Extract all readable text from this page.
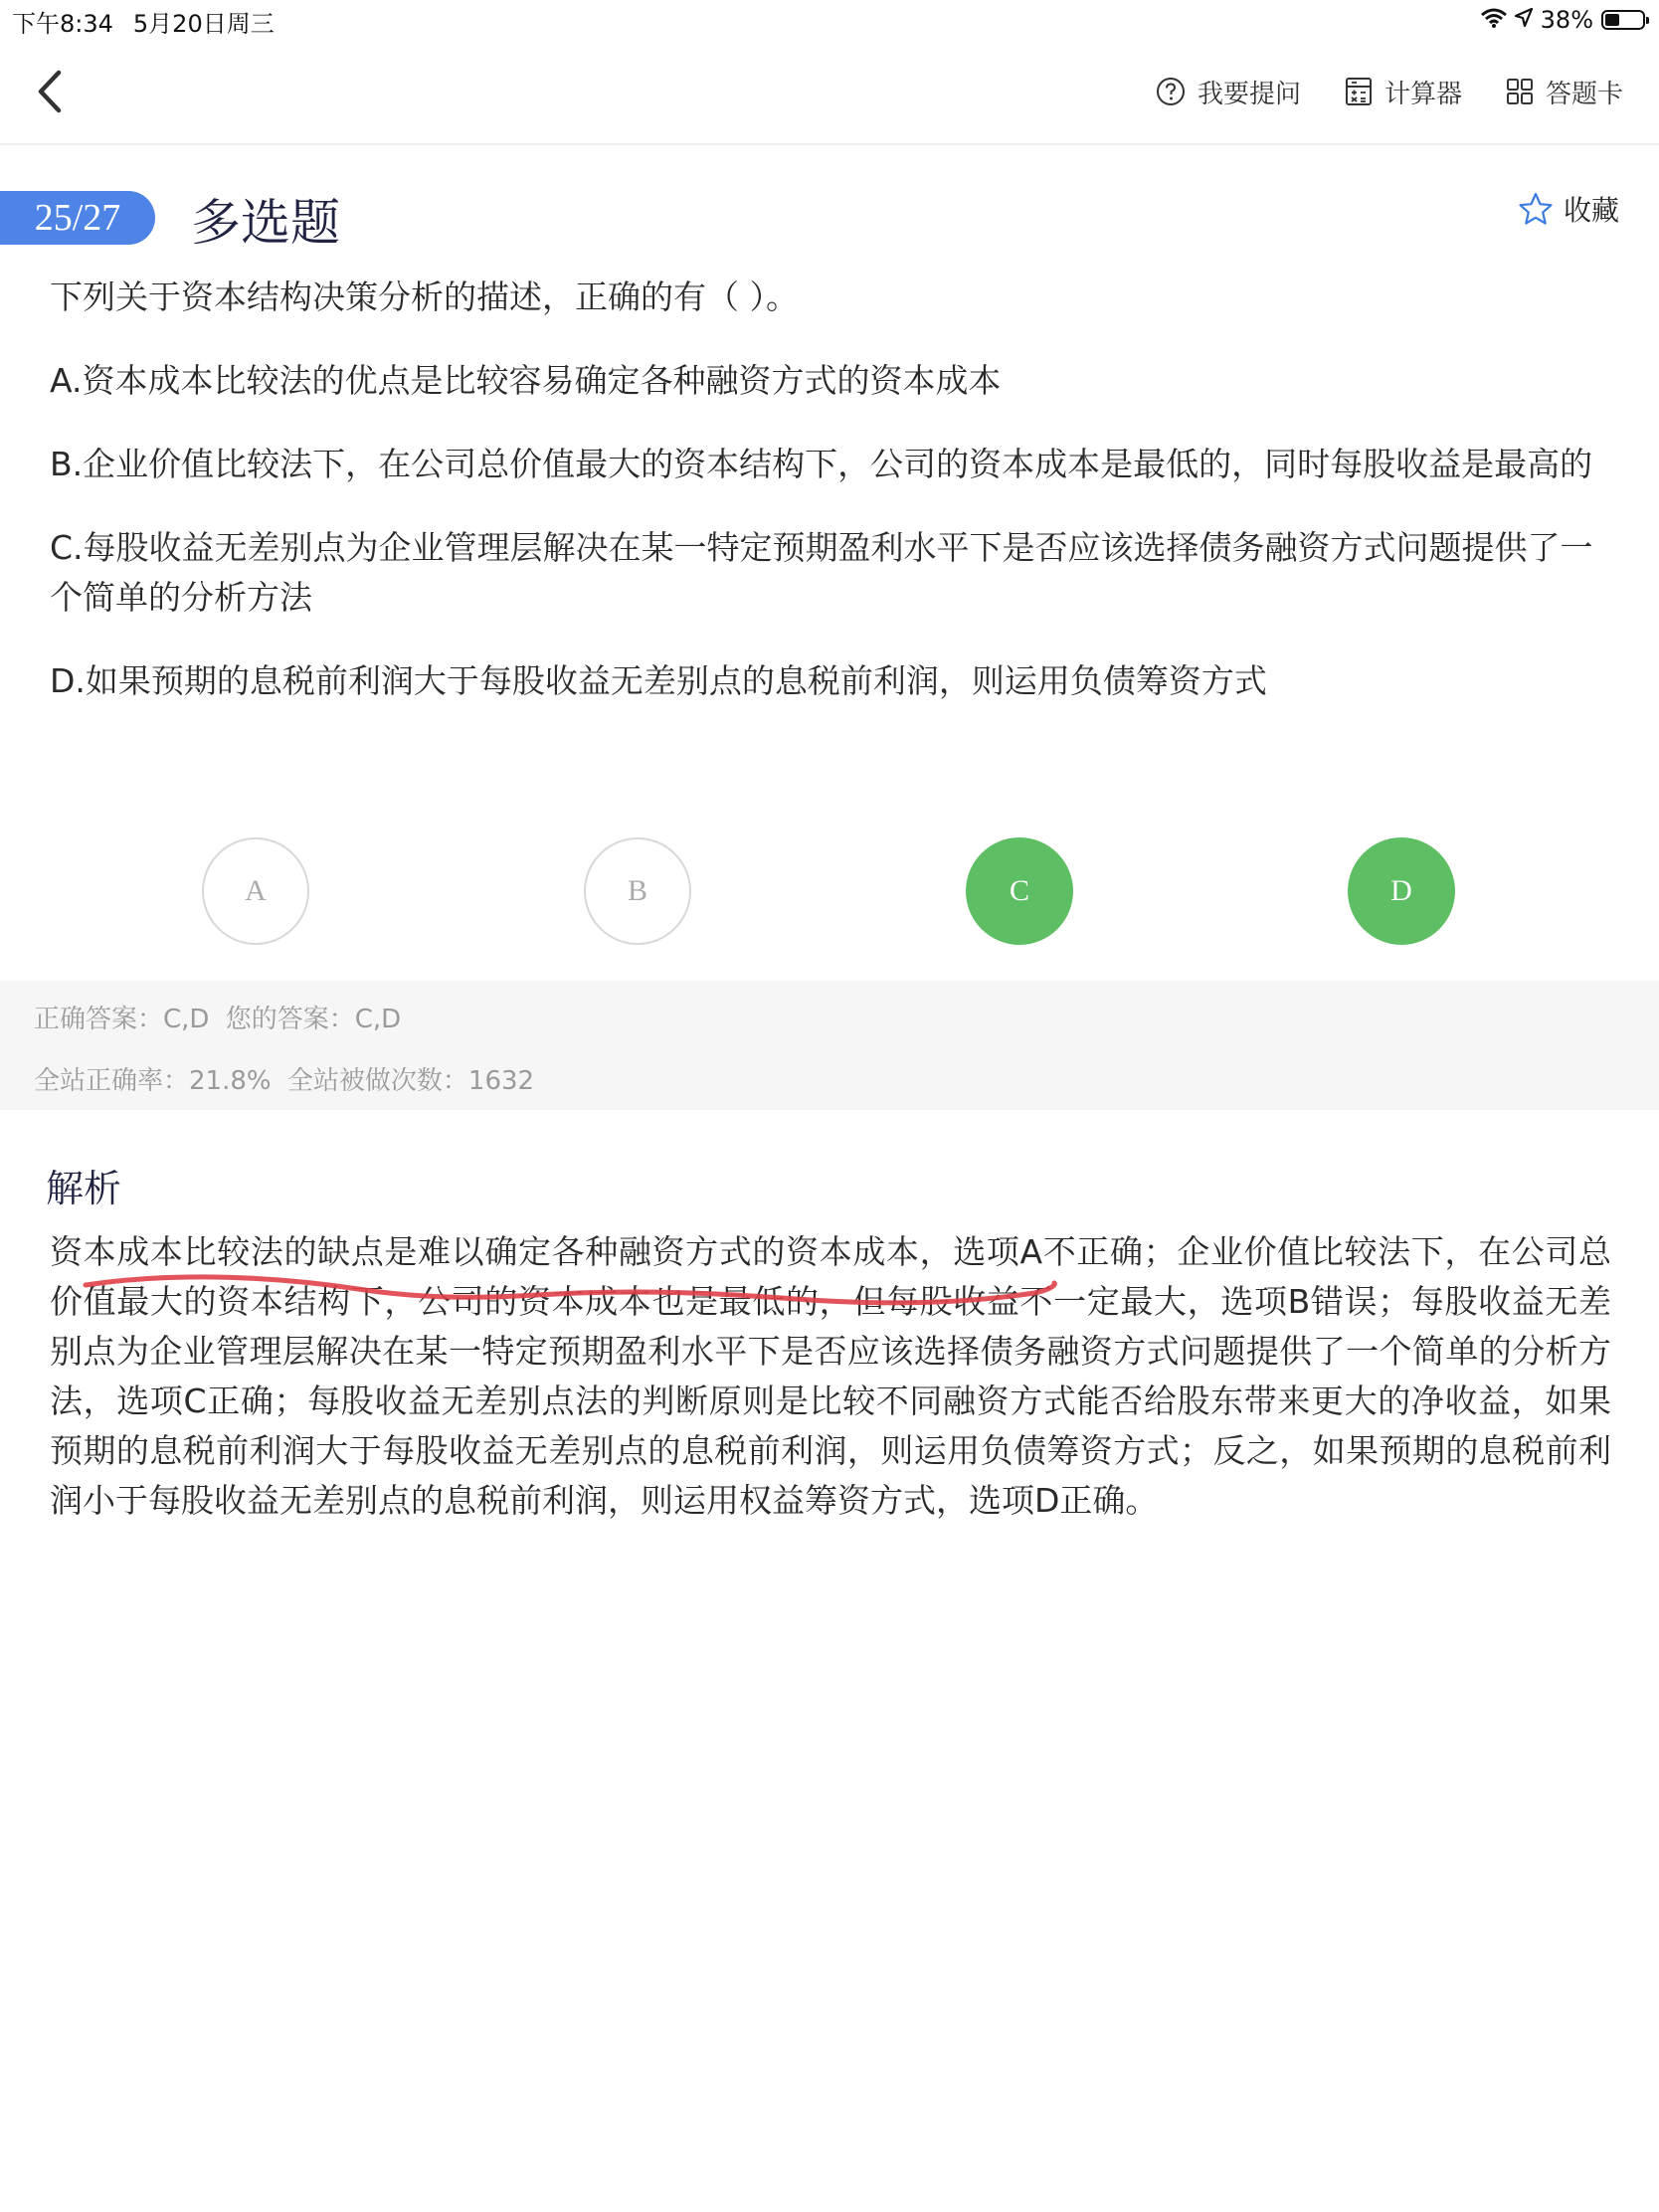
下午8:34 5月20日周三	38%
我要提问	计算器	答题卡
25/27	多选题	收藏
下列关于资本结构决策分析的描述，正确的有（ ）。
A.资本成本比较法的优点是比较容易确定各种融资方式的资本成本
B.企业价值比较法下，在公司总价值最大的资本结构下，公司的资本成本是最低的，同时每股收益是最高的
C.每股收益无差别点为企业管理层解决在某一特定预期盈利水平下是否应该选择债务融资方式问题提供了一个简单的分析方法
D.如果预期的息税前利润大于每股收益无差别点的息税前利润，则运用负债筹资方式
A	B	C	D
正确答案：C,D 您的答案：C,D
全站正确率：21.8% 全站被做次数：1632
解析
资本成本比较法的缺点是难以确定各种融资方式的资本成本，选项A不正确；企业价值比较法下，在公司总价值最大的资本结构下，公司的资本成本也是最低的，但每股收益不一定最大，选项B错误；每股收益无差别点为企业管理层解决在某一特定预期盈利水平下是否应该选择债务融资方式问题提供了一个简单的分析方法，选项C正确；每股收益无差别点法的判断原则是比较不同融资方式能否给股东带来更大的净收益，如果预期的息税前利润大于每股收益无差别点的息税前利润，则运用负债筹资方式；反之，如果预期的息税前利润小于每股收益无差别点的息税前利润，则运用权益筹资方式，选项D正确。
